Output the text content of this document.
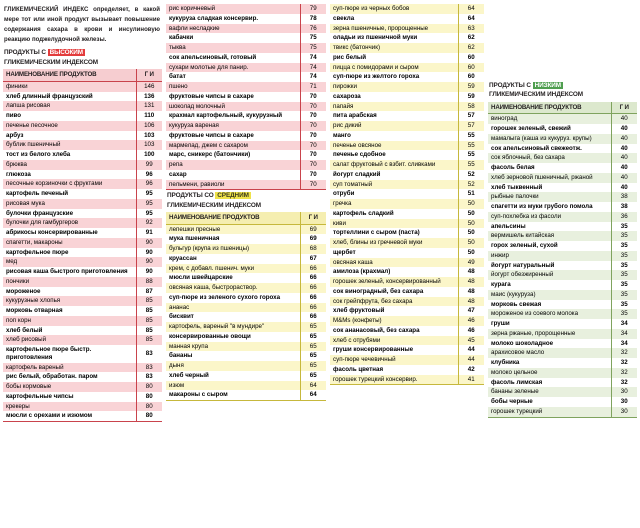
ГЛИКЕМИЧЕСКИЙ ИНДЕКС определяет, в какой мере тот или иной продукт вызывает повышение содержания сахара в крови и инсулиновую реакцию поджелудочной железы.
ПРОДУКТЫ С ВЫСОКИМ
ГЛИКЕМИЧЕСКИМ ИНДЕКСОМ
НАИМЕНОВАНИЕ ПРОДУКТОВ	Г И
финики	146
хлеб длинный французский	136
лапша рисовая	131
пиво	110
печенье песочное	106
арбуз	103
бублик пшеничный	103
тост из белого хлеба	100
брюква	99
глюкоза	96
песочные корзиночки с фруктами	96
картофель печеный	95
рисовая мука	95
булочки французские	95
булочки для гамбургеров	92
абрикосы консервированные	91
спагетти, макароны	90
картофельное пюре	90
мед	90
рисовая каша быстрого приготовления	90
пончики	88
мороженое	87
кукурузные хлопья	85
морковь отварная	85
поп корн	85
хлеб белый	85
хлеб рисовый	85
картофельное пюре быстр. приготовления	83
картофель вареный	83
рис белый, обработан. паром	83
бобы кормовые	80
картофельные чипсы	80
крекеры	80
мюсли с орехами и изюмом	80
рис коричневый	79
кукуруза сладкая консервир.	78
вафли несладкие	76
кабачки	75
тыква	75
сок апельсиновый, готовый	74
сухари молотые для панир.	74
батат	74
пшено	71
фруктовые чипсы в сахаре	70
шоколад молочный	70
крахмал картофельный, кукурузный	70
кукуруза вареная	70
фруктовые чипсы в сахаре	70
мармелад, джем с сахаром	70
марс, сникерс (батончики)	70
репа	70
сахар	70
пельмени, равиоли	70
ПРОДУКТЫ СО СРЕДНИМ
ГЛИКЕМИЧЕСКИМ ИНДЕКСОМ
НАИМЕНОВАНИЕ ПРОДУКТОВ	Г И
лепешки пресные	69
мука пшеничная	69
бульгур (крупа из пшеницы)	68
круассан	67
крем, с добавл. пшенич. муки	66
мюсли швейцарские	66
овсяная каша, быстрораствор.	66
суп-пюре из зеленого сухого гороха	66
ананас	66
бисквит	66
картофель, вареный "в мундире"	65
консервированные овощи	65
манная крупа	65
бананы	65
дыня	65
хлеб черный	65
изюм	64
макароны с сыром	64
суп-пюре из черных бобов	64
свекла	64
зерна пшеничные, пророщенные	63
оладьи из пшеничной муки	62
твикс (батончик)	62
рис белый	60
пицца с помидорами и сыром	60
суп-пюре из желтого гороха	60
пирожки	59
сахароза	59
папайя	58
пита арабская	57
рис дикий	57
манго	55
печенье овсяное	55
печенье сдобное	55
салат фруктовый с взбит. сливками	55
йогурт сладкий	52
суп томатный	52
отруби	51
гречка	50
картофель сладкий	50
киви	50
тортеллини с сыром (паста)	50
хлеб, блины из гречневой муки	50
щербет	50
овсяная каша	49
амилоза (крахмал)	48
горошек зеленый, консервированный	48
сок виноградный, без сахара	48
сок грейпфрута, без сахара	48
хлеб фруктовый	47
M&Ms (конфеты)	46
сок ананасовый, без сахара	46
хлеб с отрубями	45
груши консервированные	44
суп-пюре чечевичный	44
фасоль цветная	42
горошек турецкий консервир.	41
ПРОДУКТЫ С НИЗКИМ
ГЛИКЕМИЧЕСКИМ ИНДЕКСОМ
НАИМЕНОВАНИЕ ПРОДУКТОВ	Г И
виноград	40
горошек зеленый, свежий	40
мамалыга (каша из кукуруз. крупы)	40
сок апельсиновый свежеотж.	40
сок яблочный, без сахара	40
фасоль белая	40
хлеб зерновой пшеничный, ржаной	40
хлеб тыквенный	40
рыбные палочки	38
спагетти из муки грубого помола	38
суп-похлебка из фасоли	36
апельсины	35
вермишель китайская	35
горох зеленый, сухой	35
инжир	35
йогурт натуральный	35
йогурт обезжиренный	35
курага	35
маис (кукуруза)	35
морковь свежая	35
мороженое из соевого молока	35
груши	34
зерна ржаные, пророщенные	34
молоко шоколадное	34
арахисовое масло	32
клубника	32
молоко цельное	32
фасоль лимская	32
бананы зеленые	30
бобы черные	30
горошек турецкий	30
